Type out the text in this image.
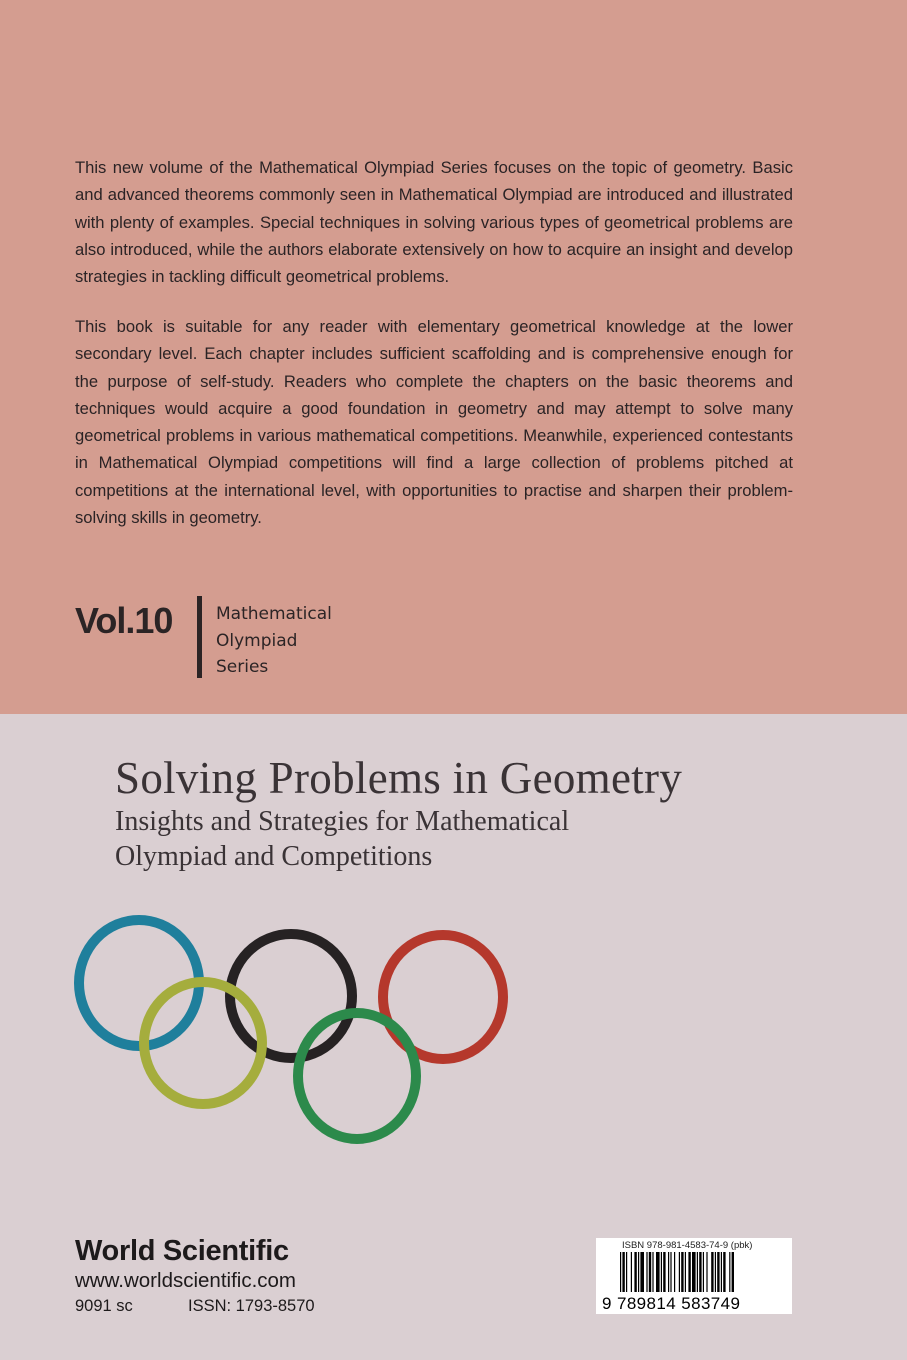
This new volume of the Mathematical Olympiad Series focuses on the topic of geometry. Basic and advanced theorems commonly seen in Mathematical Olympiad are introduced and illustrated with plenty of examples. Special techniques in solving various types of geometrical problems are also introduced, while the authors elaborate extensively on how to acquire an insight and develop strategies in tackling difficult geometrical problems.

This book is suitable for any reader with elementary geometrical knowledge at the lower secondary level. Each chapter includes sufficient scaffolding and is comprehensive enough for the purpose of self-study. Readers who complete the chapters on the basic theorems and techniques would acquire a good foundation in geometry and may attempt to solve many geometrical problems in various mathematical competitions. Meanwhile, experienced contestants in Mathematical Olympiad competitions will find a large collection of problems pitched at competitions at the international level, with opportunities to practise and sharpen their problem-solving skills in geometry.

Vol.10	Mathematical
Olympiad
Series
Solving Problems in Geometry
Insights and Strategies for Mathematical
Olympiad and Competitions
World Scientific
www.worldscientific.com
9091 sc	ISSN: 1793-8570
ISBN 978-981-4583-74-9 (pbk)
9 789814 583749
